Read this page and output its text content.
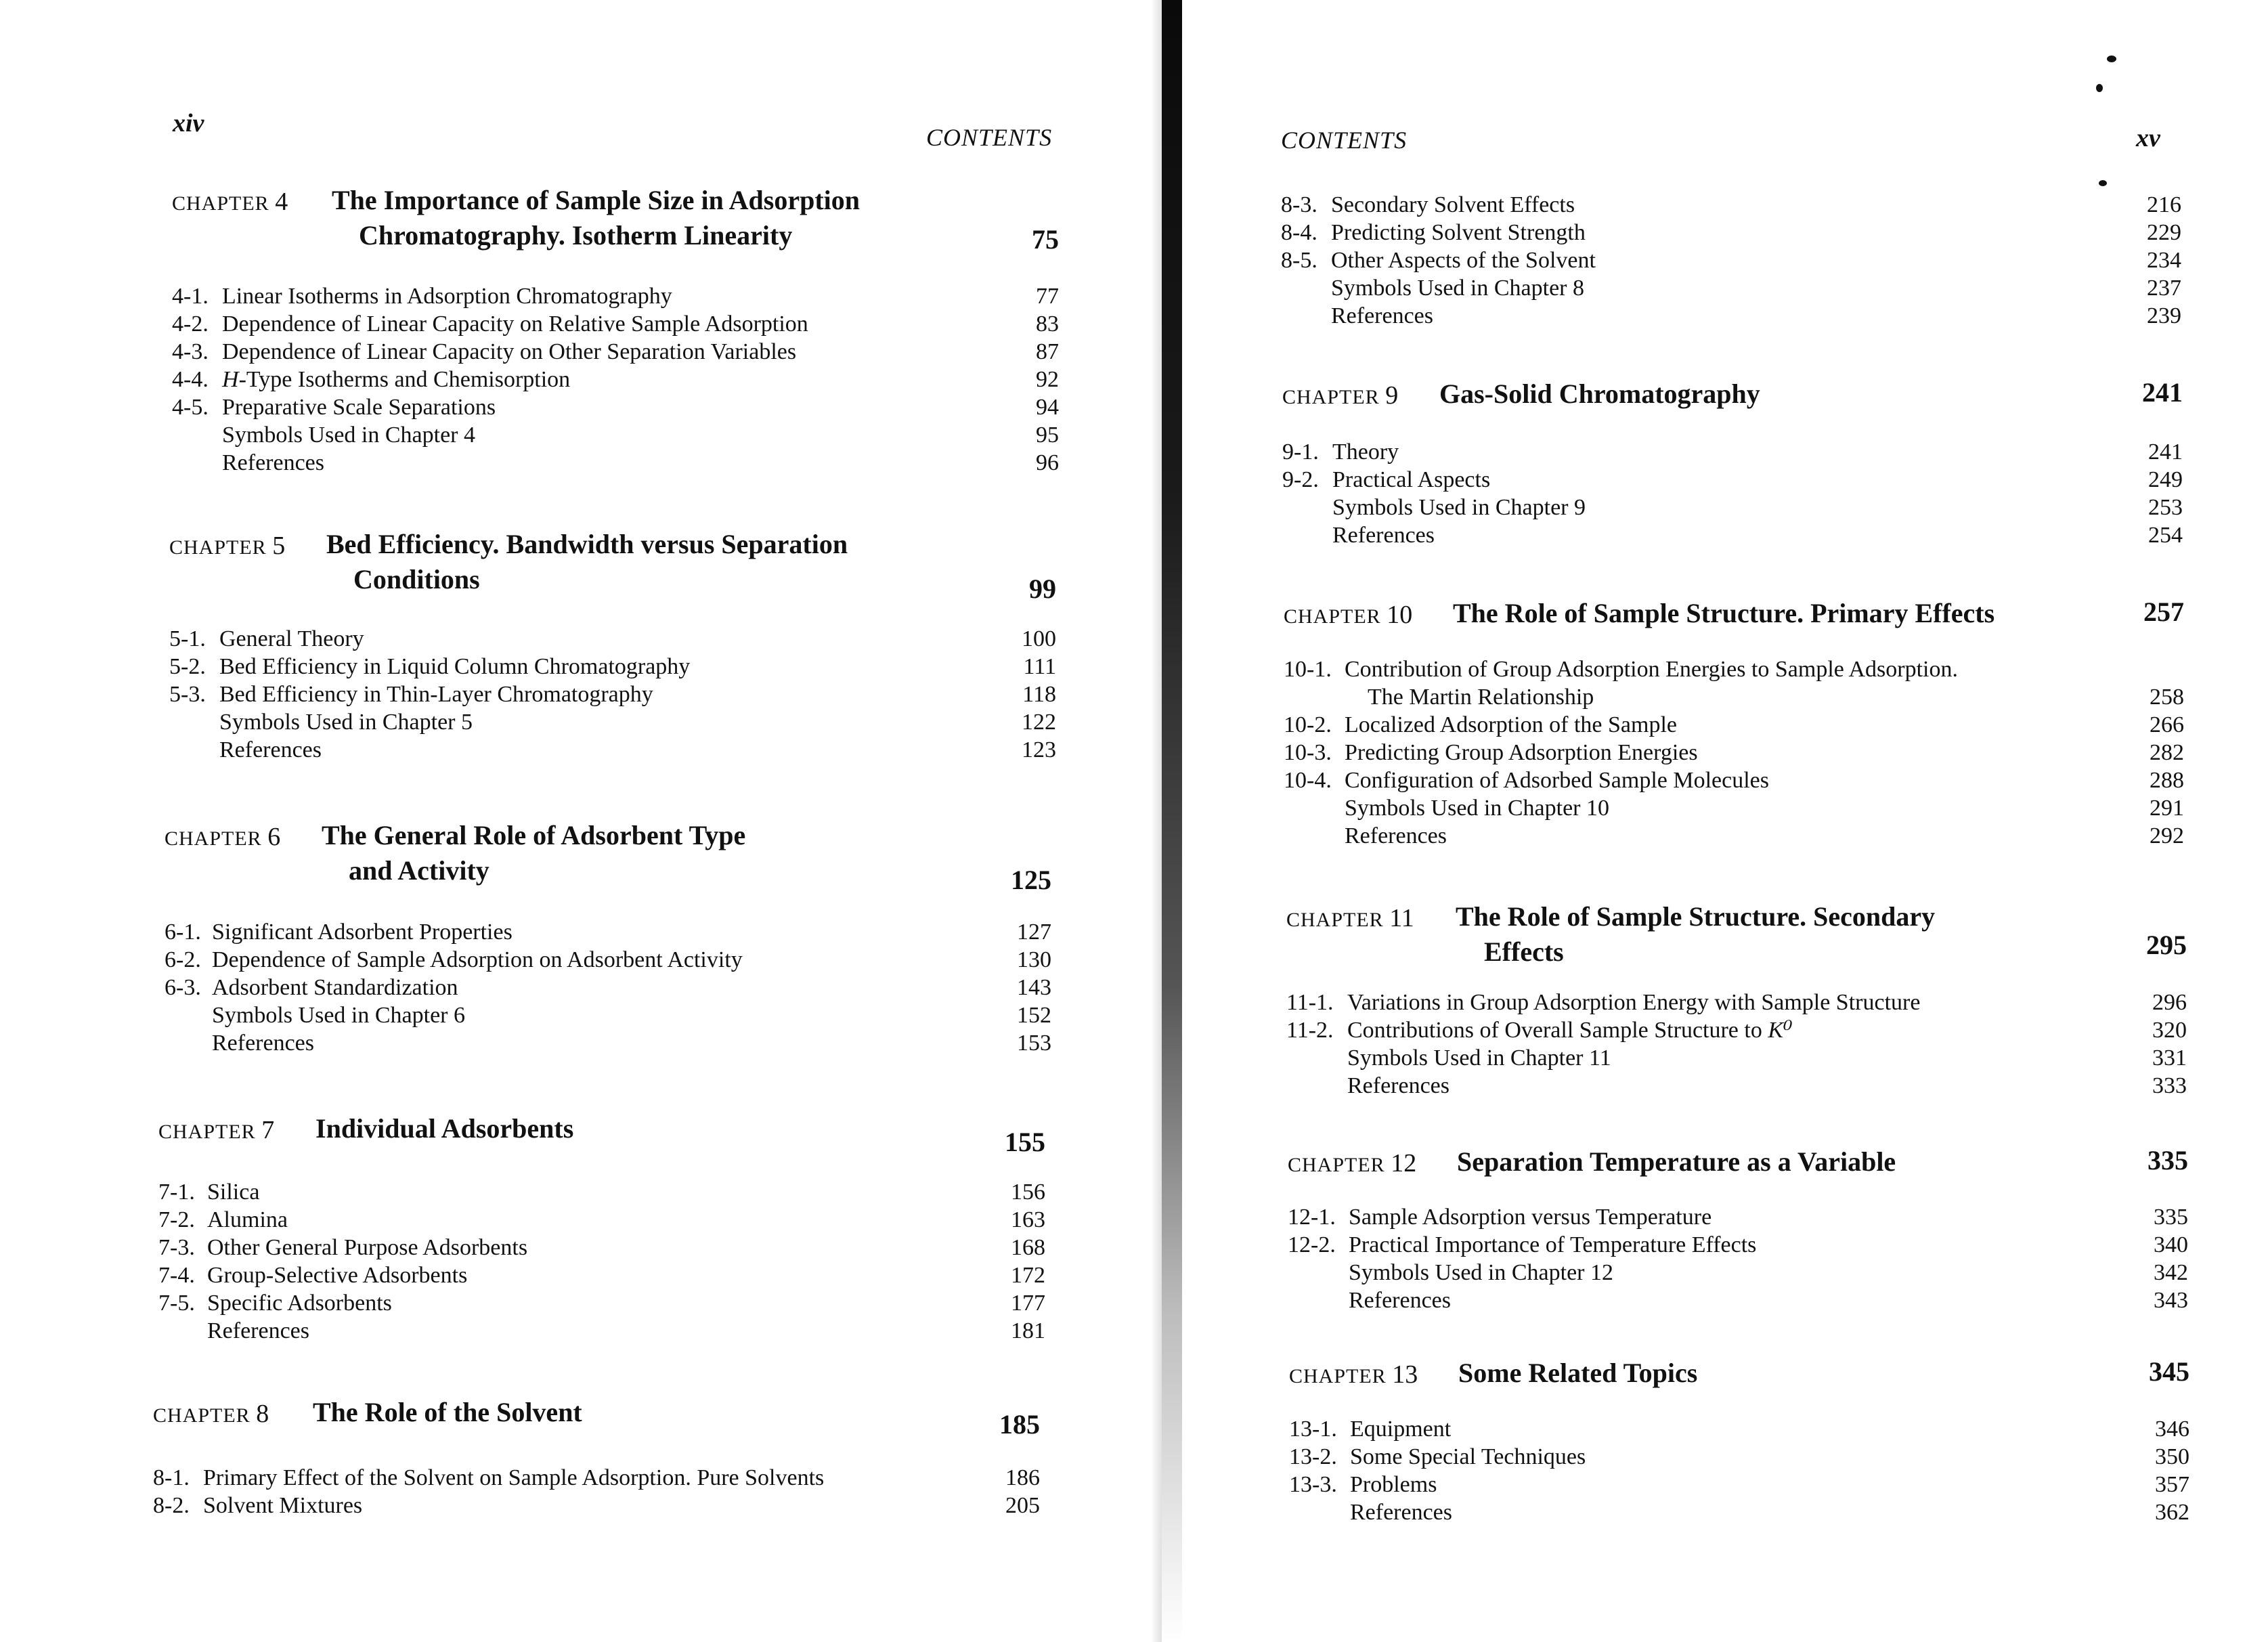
xiv	CONTENTS
CHAPTER 4 The Importance of Sample Size in Adsorption
Chromatography. Isotherm Linearity	75
4-1. Linear Isotherms in Adsorption Chromatography	77
4-2. Dependence of Linear Capacity on Relative Sample Adsorption	83
4-3. Dependence of Linear Capacity on Other Separation Variables	87
4-4. H-Type Isotherms and Chemisorption	92
4-5. Preparative Scale Separations	94
Symbols Used in Chapter 4	95
References	96
CHAPTER 5 Bed Efficiency. Bandwidth versus Separation
Conditions	99
5-1. General Theory	100
5-2. Bed Efficiency in Liquid Column Chromatography	111
5-3. Bed Efficiency in Thin-Layer Chromatography	118
Symbols Used in Chapter 5	122
References	123
CHAPTER 6 The General Role of Adsorbent Type
and Activity	125
6-1. Significant Adsorbent Properties	127
6-2. Dependence of Sample Adsorption on Adsorbent Activity	130
6-3. Adsorbent Standardization	143
Symbols Used in Chapter 6	152
References	153
CHAPTER 7 Individual Adsorbents	155
7-1. Silica	156
7-2. Alumina	163
7-3. Other General Purpose Adsorbents	168
7-4. Group-Selective Adsorbents	172
7-5. Specific Adsorbents	177
References	181
CHAPTER 8 The Role of the Solvent	185
8-1. Primary Effect of the Solvent on Sample Adsorption. Pure Solvents	186
8-2. Solvent Mixtures	205
CONTENTS	xv
8-3. Secondary Solvent Effects	216
8-4. Predicting Solvent Strength	229
8-5. Other Aspects of the Solvent	234
Symbols Used in Chapter 8	237
References	239
CHAPTER 9 Gas-Solid Chromatography	241
9-1. Theory	241
9-2. Practical Aspects	249
Symbols Used in Chapter 9	253
References	254
CHAPTER 10 The Role of Sample Structure. Primary Effects	257
10-1. Contribution of Group Adsorption Energies to Sample Adsorption.
The Martin Relationship	258
10-2. Localized Adsorption of the Sample	266
10-3. Predicting Group Adsorption Energies	282
10-4. Configuration of Adsorbed Sample Molecules	288
Symbols Used in Chapter 10	291
References	292
CHAPTER 11 The Role of Sample Structure. Secondary
Effects	295
11-1. Variations in Group Adsorption Energy with Sample Structure	296
11-2. Contributions of Overall Sample Structure to K⁰	320
Symbols Used in Chapter 11	331
References	333
CHAPTER 12 Separation Temperature as a Variable	335
12-1. Sample Adsorption versus Temperature	335
12-2. Practical Importance of Temperature Effects	340
Symbols Used in Chapter 12	342
References	343
CHAPTER 13 Some Related Topics	345
13-1. Equipment	346
13-2. Some Special Techniques	350
13-3. Problems	357
References	362
